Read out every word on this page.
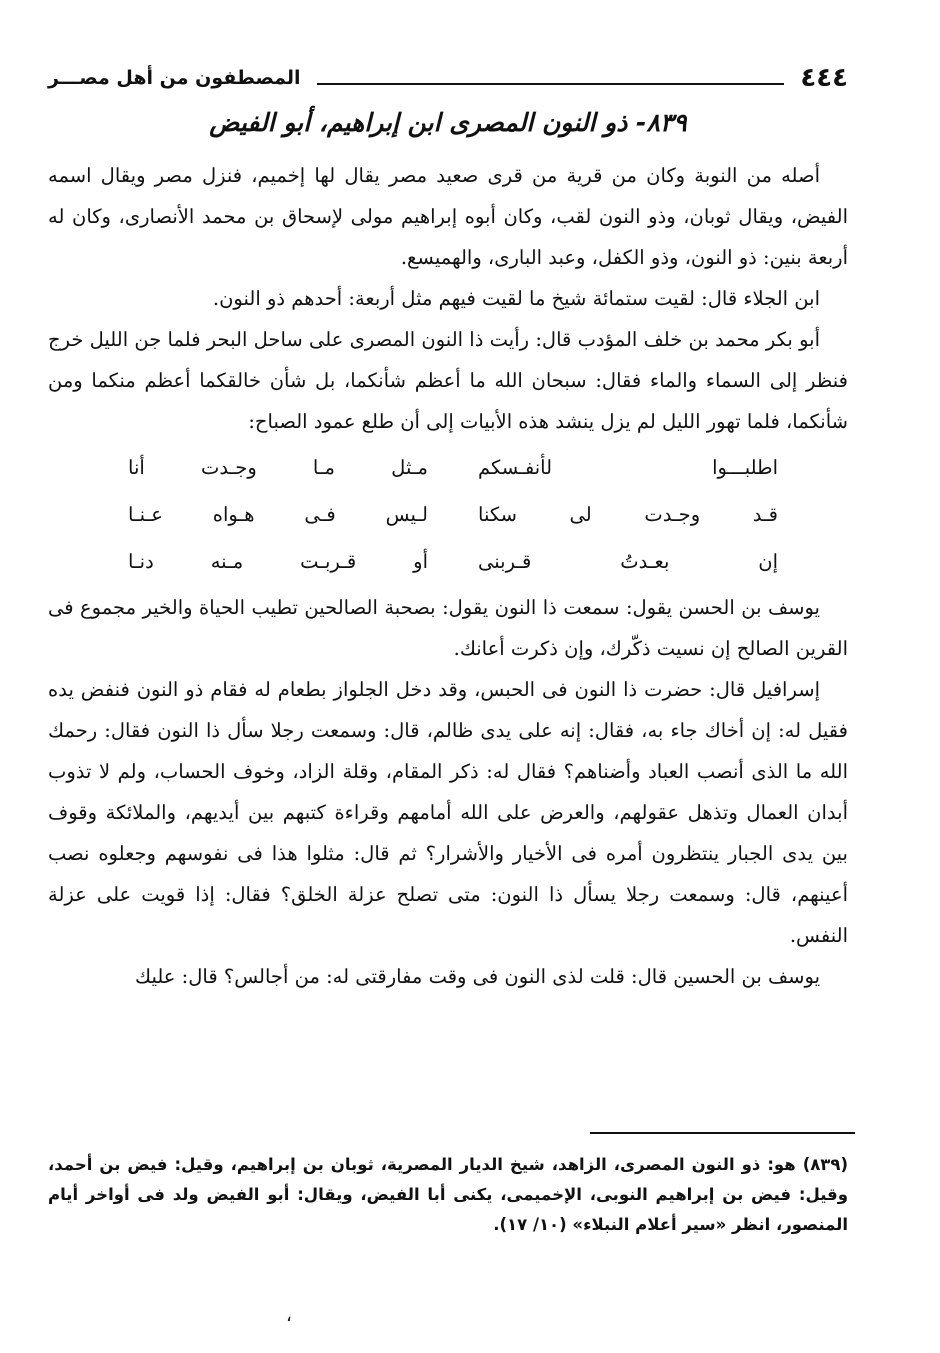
٤٤٤
المصطفون من أهل مصـــر
٨٣٩- ذو النون المصرى ابن إبراهيم، أبو الفيض

أصله من النوبة وكان من قرية من قرى صعيد مصر يقال لها إخميم، فنزل مصر ويقال اسمه الفيض، ويقال ثوبان، وذو النون لقب، وكان أبوه إبراهيم مولى لإسحاق بن محمد الأنصارى، وكان له أربعة بنين: ذو النون، وذو الكفل، وعبد البارى، والهميسع.

ابن الجلاء قال: لقيت ستمائة شيخ ما لقيت فيهم مثل أربعة: أحدهم ذو النون.

أبو بكر محمد بن خلف المؤدب قال: رأيت ذا النون المصرى على ساحل البحر فلما جن الليل خرج فنظر إلى السماء والماء فقال: سبحان الله ما أعظم شأنكما، بل شأن خالقكما أعظم منكما ومن شأنكما، فلما تهور الليل لم يزل ينشد هذه الأبيات إلى أن طلع عمود الصباح:

اطلبـــوا لأنفـسكم
مـثل مـا وجـدت أنا
قـد وجـدت لى سكنا
لـيس فـى هـواه عـنـا
إن بعـدتُ قـربنى
أو قـربـت مـنه دنـا

يوسف بن الحسن يقول: سمعت ذا النون يقول: بصحبة الصالحين تطيب الحياة والخير مجموع فى القرين الصالح إن نسيت ذكّرك، وإن ذكرت أعانك.

إسرافيل قال: حضرت ذا النون فى الحبس، وقد دخل الجلواز بطعام له فقام ذو النون فنفض يده فقيل له: إن أخاك جاء به، فقال: إنه على يدى ظالم، قال: وسمعت رجلا سأل ذا النون فقال: رحمك الله ما الذى أنصب العباد وأضناهم؟ فقال له: ذكر المقام، وقلة الزاد، وخوف الحساب، ولم لا تذوب أبدان العمال وتذهل عقولهم، والعرض على الله أمامهم وقراءة كتبهم بين أيديهم، والملائكة وقوف بين يدى الجبار ينتظرون أمره فى الأخيار والأشرار؟ ثم قال: مثلوا هذا فى نفوسهم وجعلوه نصب أعينهم، قال: وسمعت رجلا يسأل ذا النون: متى تصلح عزلة الخلق؟ فقال: إذا قويت على عزلة النفس.

يوسف بن الحسين قال: قلت لذى النون فى وقت مفارقتى له: من أجالس؟ قال: عليك

(٨٣٩) هو: ذو النون المصرى، الزاهد، شيخ الديار المصرية، ثوبان بن إبراهيم، وقيل: فيض بن أحمد، وقيل: فيض بن إبراهيم النوبى، الإخميمى، يكنى أبا الفيض، ويقال: أبو الفيض ولد فى أواخر أيام المنصور، انظر «سير أعلام النبلاء» (١٠/ ١٧).
،
